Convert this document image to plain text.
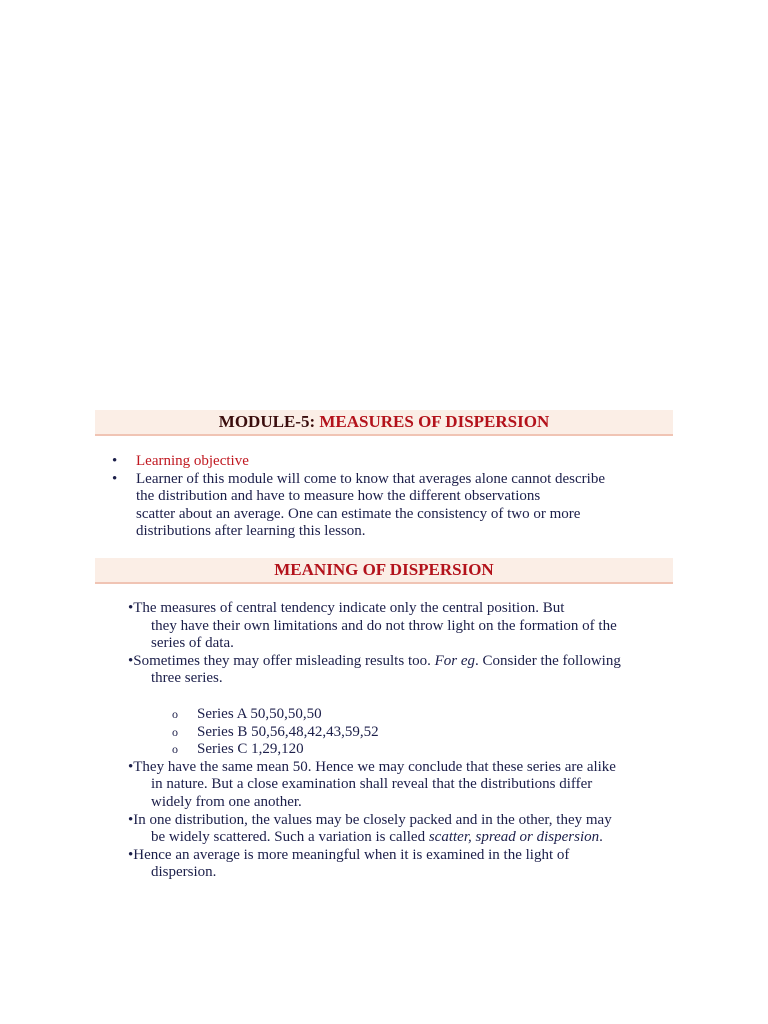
MODULE-5: MEASURES OF DISPERSION
• Learning objective
• Learner of this module will come to know that averages alone cannot describe
the distribution and have to measure how the different observations
scatter about an average. One can estimate the consistency of two or more
distributions after learning this lesson.
MEANING OF DISPERSION

•The measures of central tendency indicate only the central position. But
they have their own limitations and do not throw light on the formation of the
series of data.

•Sometimes they may offer misleading results too. For eg. Consider the following
three series.

o Series A 50,50,50,50
o Series B 50,56,48,42,43,59,52
o Series C 1,29,120

•They have the same mean 50. Hence we may conclude that these series are alike
in nature. But a close examination shall reveal that the distributions differ
widely from one another.

•In one distribution, the values may be closely packed and in the other, they may
be widely scattered. Such a variation is called scatter, spread or dispersion.

•Hence an average is more meaningful when it is examined in the light of
dispersion.
